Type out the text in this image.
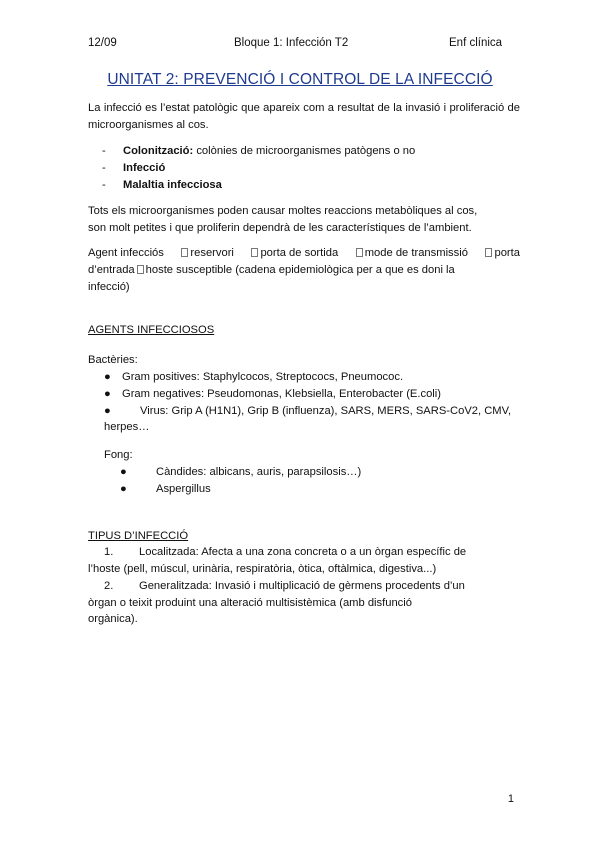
12/09	Bloque 1: Infección T2	Enf clínica
UNITAT 2: PREVENCIÓ I CONTROL DE LA INFECCIÓ
La infecció es l’estat patològic que apareix com a resultat de la invasió i proliferació de microorganismes al cos.
- Colonització: colònies de microorganismes patògens o no
- Infecció
- Malaltia infecciosa
Tots els microorganismes poden causar moltes reaccions metabòliques al cos,
son molt petites i que proliferin dependrà de les característiques de l’ambient.
Agent infecciós	reservori	porta de sortida	mode de transmissió	porta
d’entrada hoste susceptible (cadena epidemiològica per a que es doni la
infecció)
AGENTS INFECCIOSOS
Bactèries:
● Gram positives: Staphylcocos, Streptococs, Pneumococ.
● Gram negatives: Pseudomonas, Klebsiella, Enterobacter (E.coli)
●	Virus: Grip A (H1N1), Grip B (influenza), SARS, MERS, SARS-CoV2, CMV,
herpes…
Fong:
●	Càndides: albicans, auris, parapsilosis…)
●	Aspergillus
TIPUS D’INFECCIÓ
1. Localitzada: Afecta a una zona concreta o a un òrgan específic de
l’hoste (pell, múscul, urinària, respiratòria, òtica, oftàlmica, digestiva...)
2. Generalitzada: Invasió i multiplicació de gèrmens procedents d’un
òrgan o teixit produint una alteració multisistèmica (amb disfunció
orgànica).
1
